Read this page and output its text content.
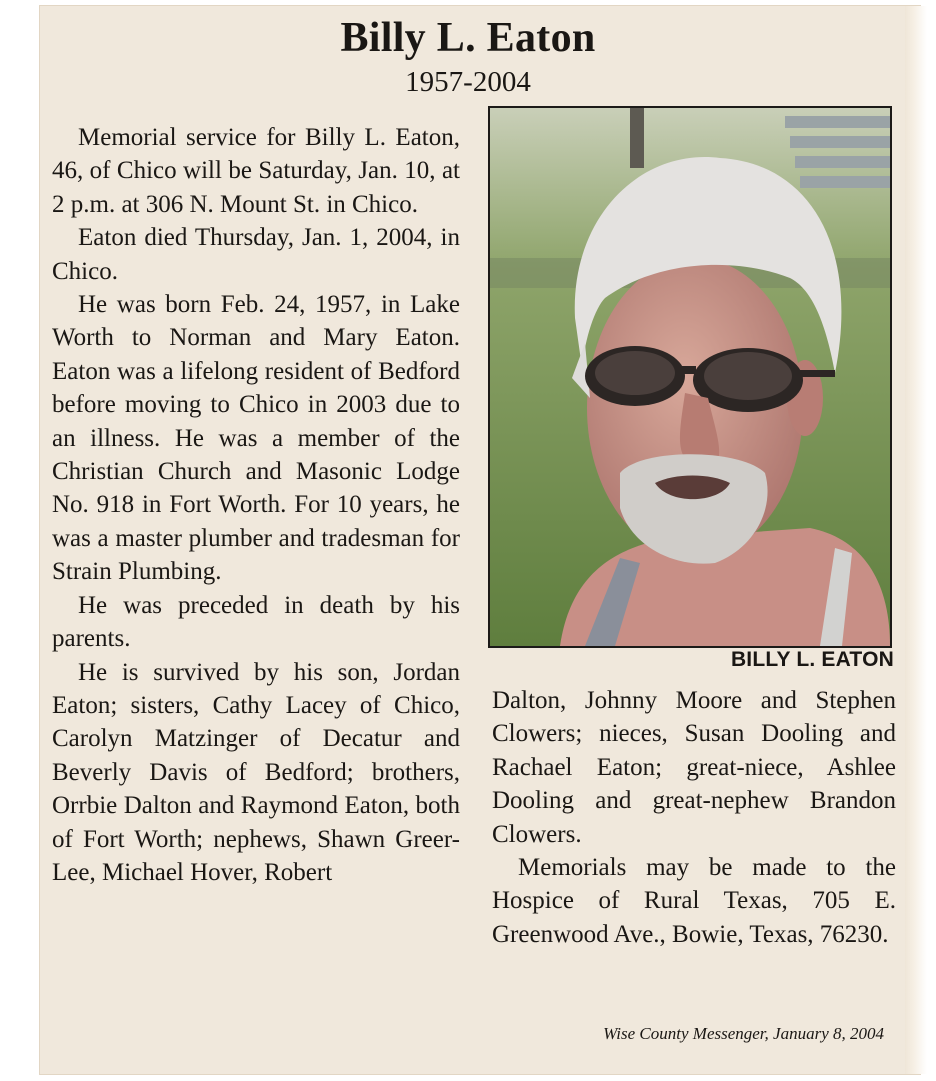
Billy L. Eaton
1957-2004

Memorial service for Billy L. Eaton, 46, of Chico will be Saturday, Jan. 10, at 2 p.m. at 306 N. Mount St. in Chico.

Eaton died Thursday, Jan. 1, 2004, in Chico.

He was born Feb. 24, 1957, in Lake Worth to Norman and Mary Eaton. Eaton was a lifelong resident of Bedford before moving to Chico in 2003 due to an illness. He was a member of the Christian Church and Masonic Lodge No. 918 in Fort Worth. For 10 years, he was a master plumber and tradesman for Strain Plumbing.

He was preceded in death by his parents.

He is survived by his son, Jordan Eaton; sisters, Cathy Lacey of Chico, Carolyn Matzinger of Decatur and Beverly Davis of Bedford; brothers, Orrbie Dalton and Raymond Eaton, both of Fort Worth; nephews, Shawn Greer-Lee, Michael Hover, Robert

BILLY L. EATON

Dalton, Johnny Moore and Stephen Clowers; nieces, Susan Dooling and Rachael Eaton; great-niece, Ashlee Dooling and great-nephew Brandon Clowers.

Memorials may be made to the Hospice of Rural Texas, 705 E. Greenwood Ave., Bowie, Texas, 76230.

Wise County Messenger, January 8, 2004
